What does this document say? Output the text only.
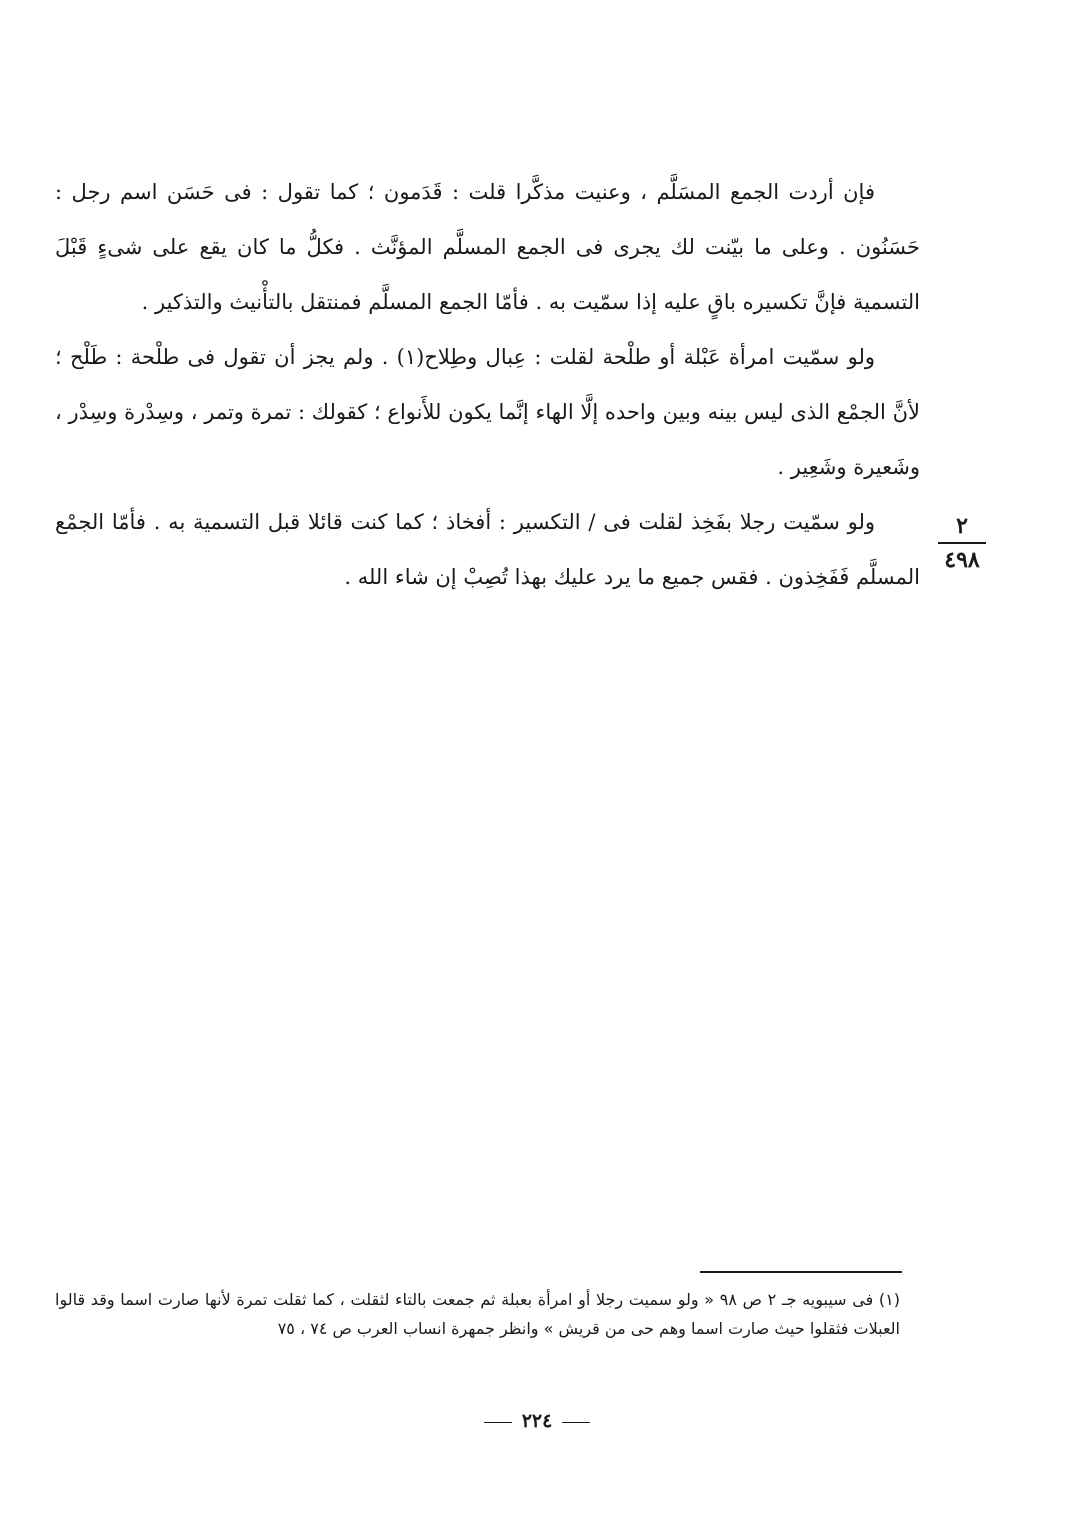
فإن أردت الجمع المسَلَّم ، وعنيت مذكَّرا قلت : قَدَمون ؛ كما تقول : فى حَسَن اسم رجل : حَسَنُون . وعلى ما بيّنت لك يجرى فى الجمع المسلَّم المؤنَّث . فكلُّ ما كان يقع على شىءٍ قَبْلَ التسمية فإنَّ تكسيره باقٍ عليه إذا سمّيت به . فأمّا الجمع المسلَّم فمنتقل بالتأْنيث والتذكير .

ولو سمّيت امرأة عَبْلة أو طلْحة لقلت : عِبال وطِلاح(١) . ولم يجز أن تقول فى طلْحة : طَلْح ؛ لأنَّ الجمْع الذى ليس بينه وبين واحده إلَّا الهاء إنَّما يكون للأَنواع ؛ كقولك : تمرة وتمر ، وسِدْرة وسِدْر ، وشَعيرة وشَعِير .

ولو سمّيت رجلا بفَخِذ لقلت فى / التكسير : أفخاذ ؛ كما كنت قائلا قبل التسمية به . فأمّا الجمْع المسلَّم فَفَخِذون . فقس جميع ما يرد عليك بهذا تُصِبْ إن شاء الله .

٢
٤٩٨

(١) فى سيبويه جـ ٢ ص ٩٨ « ولو سميت رجلا أو امرأة بعبلة ثم جمعت بالتاء لثقلت ، كما ثقلت تمرة لأنها صارت اسما وقد قالوا العبلات فثقلوا حيث صارت اسما وهم حى من قريش » وانظر جمهرة انساب العرب ص ٧٤ ، ٧٥

٢٢٤
